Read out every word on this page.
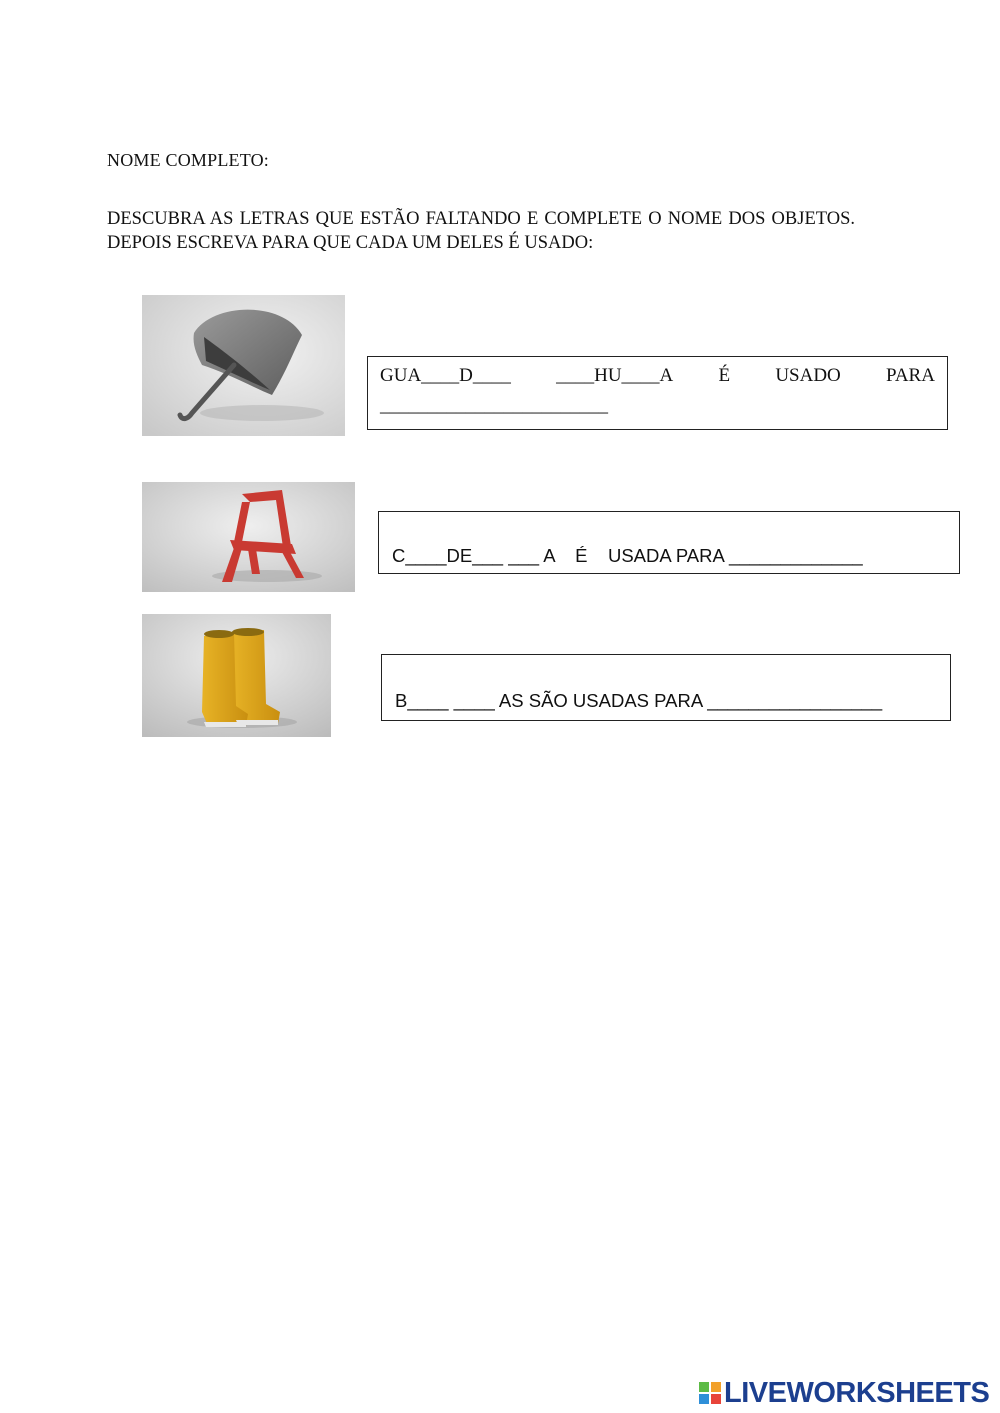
NOME COMPLETO:
DESCUBRA AS LETRAS QUE ESTÃO FALTANDO E COMPLETE O NOME DOS OBJETOS. DEPOIS ESCREVA PARA QUE CADA UM DELES É USADO:
GUA____D____ ____HU____A É USADO PARA
________________________
C____DE___ ___ A    É    USADA PARA _____________
B____ ____ AS SÃO USADAS PARA _________________
LIVEWORKSHEETS
